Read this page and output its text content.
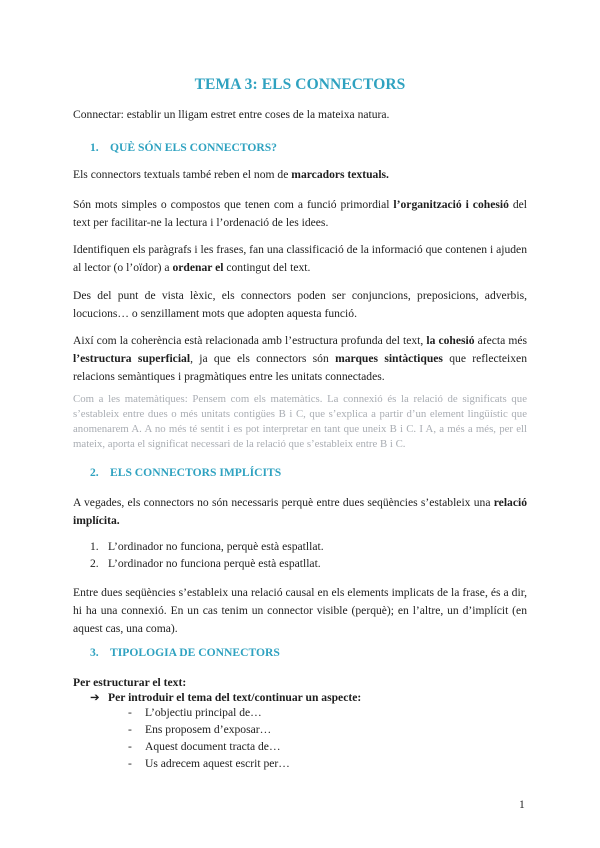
TEMA 3: ELS CONNECTORS

Connectar: establir un lligam estret entre coses de la mateixa natura.

1. QUÈ SÓN ELS CONNECTORS?

Els connectors textuals també reben el nom de marcadors textuals.

Són mots simples o compostos que tenen com a funció primordial l’organització i cohesió del text per facilitar-ne la lectura i l’ordenació de les idees.

Identifiquen els paràgrafs i les frases, fan una classificació de la informació que contenen i ajuden al lector (o l’oïdor) a ordenar el contingut del text.

Des del punt de vista lèxic, els connectors poden ser conjuncions, preposicions, adverbis, locucions… o senzillament mots que adopten aquesta funció.

Així com la coherència està relacionada amb l’estructura profunda del text, la cohesió afecta més l’estructura superficial, ja que els connectors són marques sintàctiques que reflecteixen relacions semàntiques i pragmàtiques entre les unitats connectades.

Com a les matemàtiques: Pensem com els matemàtics. La connexió és la relació de significats que s’estableix entre dues o més unitats contigües B i C, que s’explica a partir d’un element lingüístic que anomenarem A. A no més té sentit i es pot interpretar en tant que uneix B i C. I A, a més a més, per ell mateix, aporta el significat necessari de la relació que s’estableix entre B i C.

2. ELS CONNECTORS IMPLÍCITS

A vegades, els connectors no són necessaris perquè entre dues seqüències s’estableix una relació implícita.

1. L’ordinador no funciona, perquè està espatllat.
2. L’ordinador no funciona perquè està espatllat.

Entre dues seqüències s’estableix una relació causal en els elements implicats de la frase, és a dir, hi ha una connexió. En un cas tenim un connector visible (perquè); en l’altre, un d’implícit (en aquest cas, una coma).

3. TIPOLOGIA DE CONNECTORS

Per estructurar el text:

➔ Per introduir el tema del text/continuar un aspecte:
- L’objectiu principal de…
- Ens proposem d’exposar…
- Aquest document tracta de…
- Us adrecem aquest escrit per…
1
